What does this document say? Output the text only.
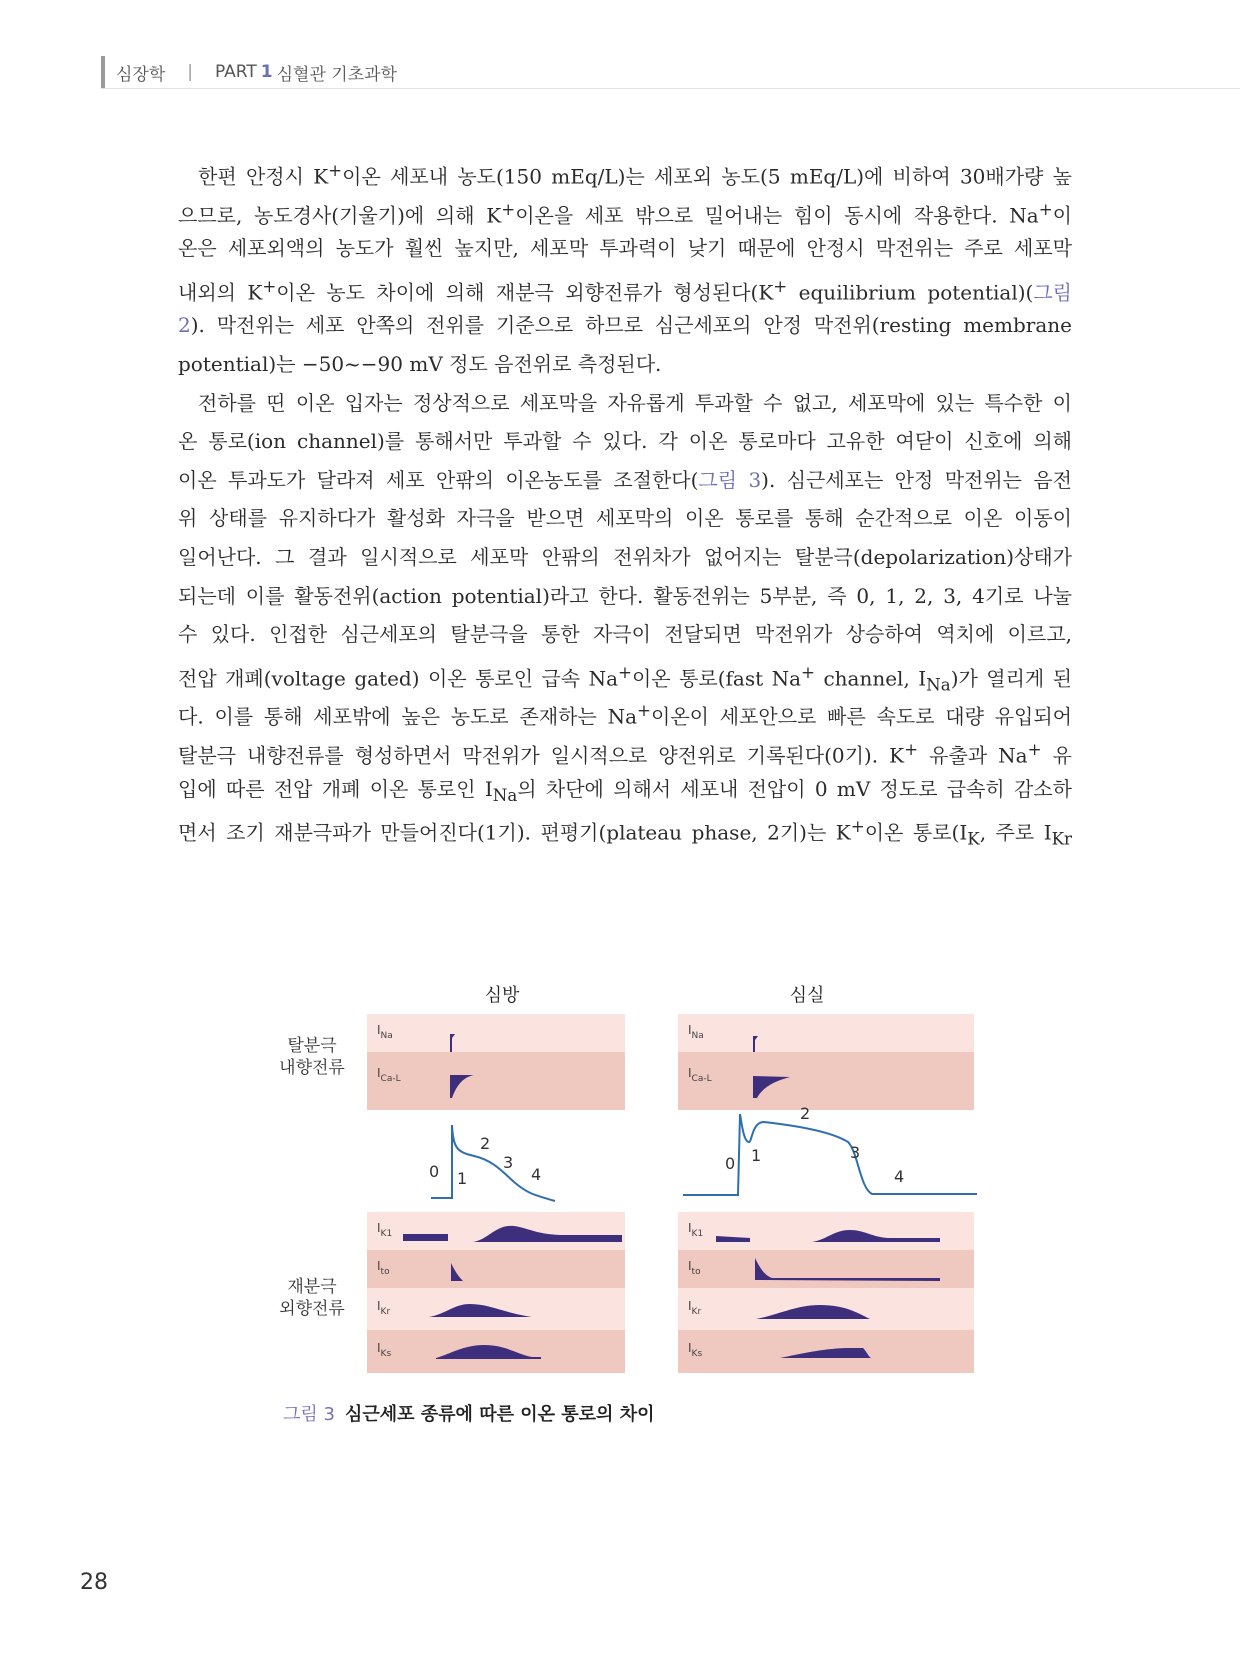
심장학 | PART 1 심혈관 기초과학
한편 안정시 K+이온 세포내 농도(150 mEq/L)는 세포외 농도(5 mEq/L)에 비하여 30배가량 높
으므로, 농도경사(기울기)에 의해 K+이온을 세포 밖으로 밀어내는 힘이 동시에 작용한다. Na+이
온은 세포외액의 농도가 훨씬 높지만, 세포막 투과력이 낮기 때문에 안정시 막전위는 주로 세포막
내외의 K+이온 농도 차이에 의해 재분극 외향전류가 형성된다(K+ equilibrium potential)(그림
2). 막전위는 세포 안쪽의 전위를 기준으로 하므로 심근세포의 안정 막전위(resting membrane
potential)는 −50~−90 mV 정도 음전위로 측정된다.
전하를 띤 이온 입자는 정상적으로 세포막을 자유롭게 투과할 수 없고, 세포막에 있는 특수한 이
온 통로(ion channel)를 통해서만 투과할 수 있다. 각 이온 통로마다 고유한 여닫이 신호에 의해
이온 투과도가 달라져 세포 안팎의 이온농도를 조절한다(그림 3). 심근세포는 안정 막전위는 음전
위 상태를 유지하다가 활성화 자극을 받으면 세포막의 이온 통로를 통해 순간적으로 이온 이동이
일어난다. 그 결과 일시적으로 세포막 안팎의 전위차가 없어지는 탈분극(depolarization)상태가
되는데 이를 활동전위(action potential)라고 한다. 활동전위는 5부분, 즉 0, 1, 2, 3, 4기로 나눌
수 있다. 인접한 심근세포의 탈분극을 통한 자극이 전달되면 막전위가 상승하여 역치에 이르고,
전압 개폐(voltage gated) 이온 통로인 급속 Na+이온 통로(fast Na+ channel, $I_{Na}$)가 열리게 된
다. 이를 통해 세포밖에 높은 농도로 존재하는 Na+이온이 세포안으로 빠른 속도로 대량 유입되어
탈분극 내향전류를 형성하면서 막전위가 일시적으로 양전위로 기록된다(0기). K+ 유출과 Na+ 유
입에 따른 전압 개폐 이온 통로인 $I_{Na}$의 차단에 의해서 세포내 전압이 0 mV 정도로 급속히 감소하
면서 조기 재분극파가 만들어진다(1기). 편평기(plateau phase, 2기)는 K+이온 통로($I_K$, 주로 $I_{Kr}$
심방	심실
탈분극
내향전류
재분극
외향전류
$I_{Na}$
$I_{Ca-L}$
$I_{Na}$
$I_{Ca-L}$
0 1
2
3
4
0 1
2
3
4
$I_{K1}$
$I_{to}$
$I_{Kr}$
$I_{Ks}$
$I_{K1}$
$I_{to}$
$I_{Kr}$
$I_{Ks}$
그림 3 심근세포 종류에 따른 이온 통로의 차이
28
